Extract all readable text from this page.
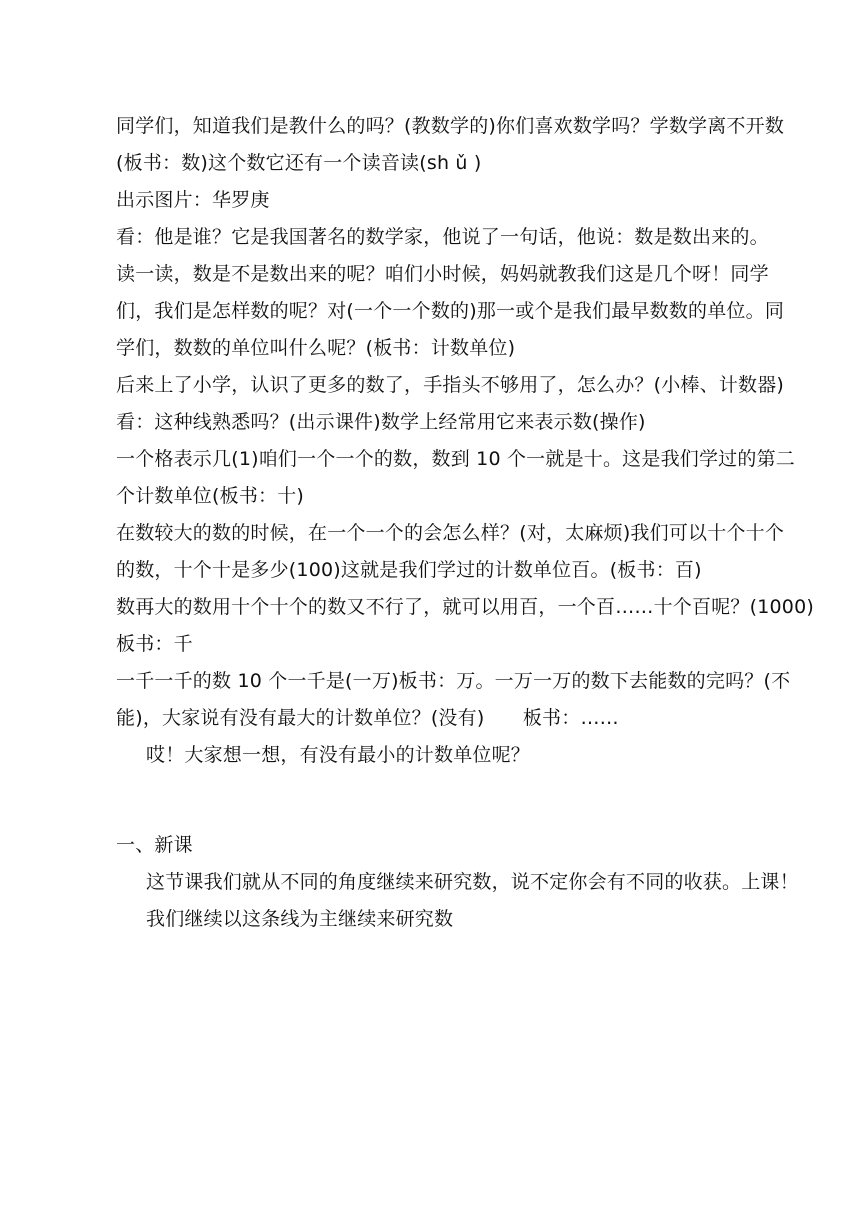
同学们，知道我们是教什么的吗？(教数学的)你们喜欢数学吗？学数学离不开数
(板书：数)这个数它还有一个读音读(sh ǔ )
出示图片：华罗庚
看：他是谁？它是我国著名的数学家，他说了一句话，他说：数是数出来的。
读一读，数是不是数出来的呢？咱们小时候，妈妈就教我们这是几个呀！同学
们，我们是怎样数的呢？对(一个一个数的)那一或个是我们最早数数的单位。同
学们，数数的单位叫什么呢？(板书：计数单位)
后来上了小学，认识了更多的数了，手指头不够用了，怎么办？(小棒、计数器)
看：这种线熟悉吗？(出示课件)数学上经常用它来表示数(操作)
一个格表示几(1)咱们一个一个的数，数到 10 个一就是十。这是我们学过的第二
个计数单位(板书：十)
在数较大的数的时候，在一个一个的会怎么样？(对，太麻烦)我们可以十个十个
的数，十个十是多少(100)这就是我们学过的计数单位百。(板书：百)
数再大的数用十个十个的数又不行了，就可以用百，一个百……十个百呢？(1000)
板书：千
一千一千的数 10 个一千是(一万)板书：万。一万一万的数下去能数的完吗？(不
能)，大家说有没有最大的计数单位？(没有)　　板书：……
哎！大家想一想，有没有最小的计数单位呢？
一、新课
这节课我们就从不同的角度继续来研究数，说不定你会有不同的收获。上课！
我们继续以这条线为主继续来研究数
